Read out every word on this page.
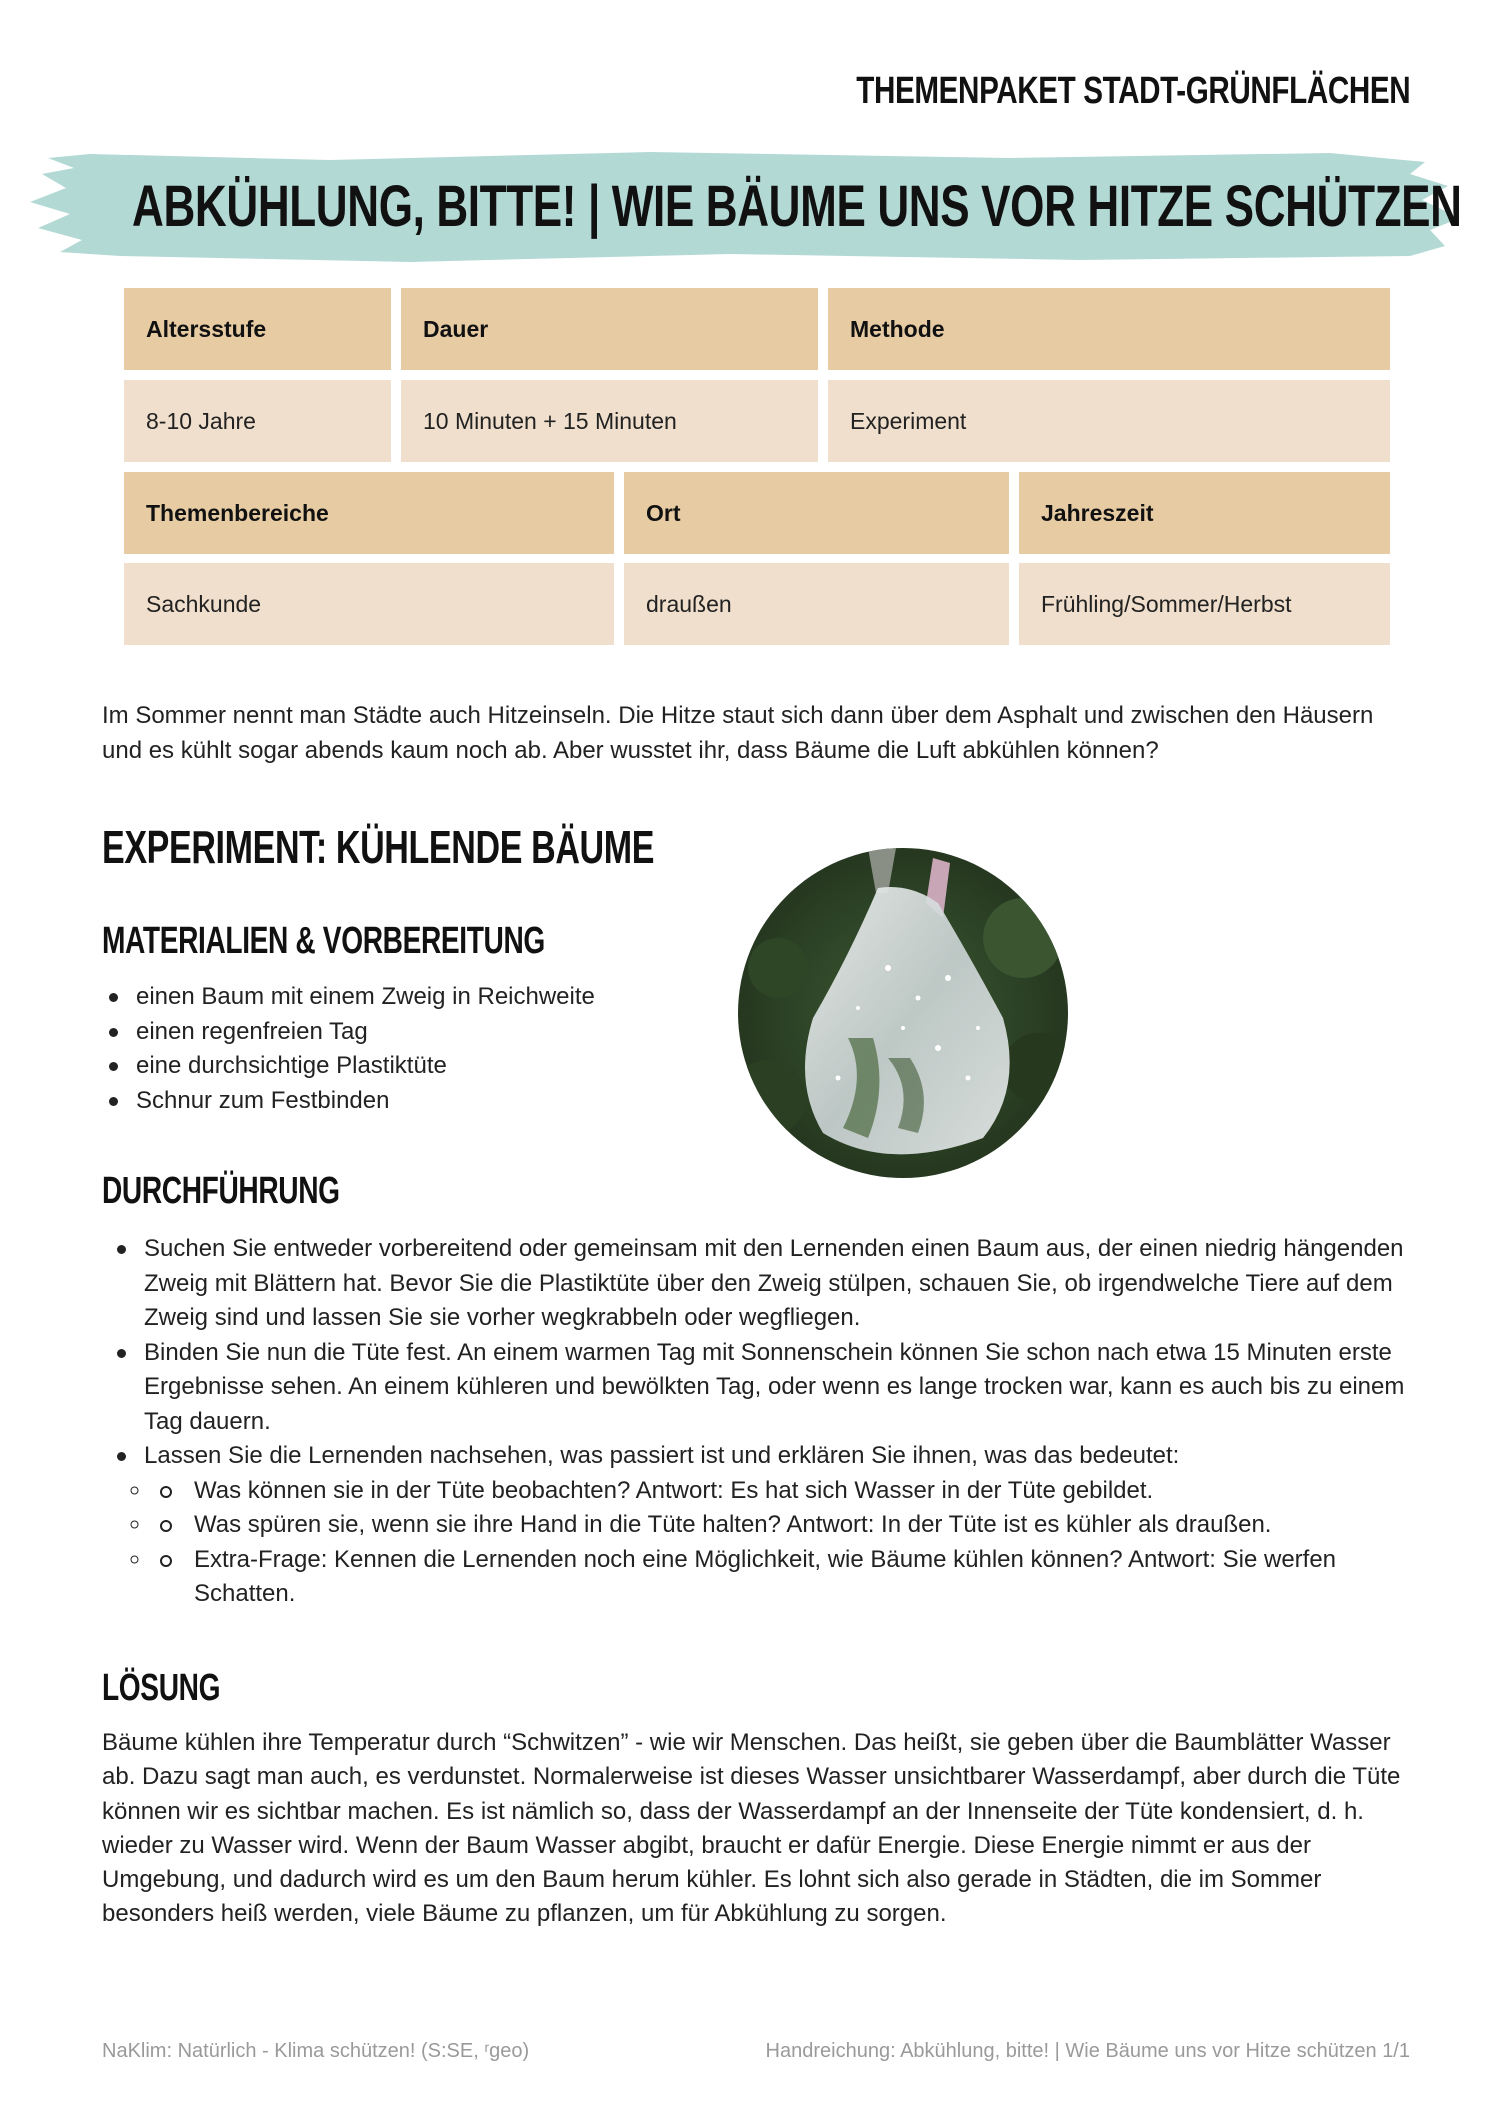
THEMENPAKET STADT-GRÜNFLÄCHEN
ABKÜHLUNG, BITTE! | WIE BÄUME UNS VOR HITZE SCHÜTZEN
Altersstufe	Dauer	Methode
8-10 Jahre	10 Minuten + 15 Minuten	Experiment
Themenbereiche	Ort	Jahreszeit
Sachkunde	draußen	Frühling/Sommer/Herbst

Im Sommer nennt man Städte auch Hitzeinseln. Die Hitze staut sich dann über dem Asphalt und zwischen den Häusern und es kühlt sogar abends kaum noch ab. Aber wusstet ihr, dass Bäume die Luft abkühlen können?

EXPERIMENT: KÜHLENDE BÄUME
MATERIALIEN & VORBEREITUNG
einen Baum mit einem Zweig in Reichweite
einen regenfreien Tag
eine durchsichtige Plastiktüte
Schnur zum Festbinden
DURCHFÜHRUNG
Suchen Sie entweder vorbereitend oder gemeinsam mit den Lernenden einen Baum aus, der einen niedrig hängenden Zweig mit Blättern hat. Bevor Sie die Plastiktüte über den Zweig stülpen, schauen Sie, ob irgendwelche Tiere auf dem Zweig sind und lassen Sie sie vorher wegkrabbeln oder wegfliegen.
Binden Sie nun die Tüte fest. An einem warmen Tag mit Sonnenschein können Sie schon nach etwa 15 Minuten erste Ergebnisse sehen. An einem kühleren und bewölkten Tag, oder wenn es lange trocken war, kann es auch bis zu einem Tag dauern.
Lassen Sie die Lernenden nachsehen, was passiert ist und erklären Sie ihnen, was das bedeutet:
◦ Was können sie in der Tüte beobachten? Antwort: Es hat sich Wasser in der Tüte gebildet.
◦ Was spüren sie, wenn sie ihre Hand in die Tüte halten? Antwort: In der Tüte ist es kühler als draußen.
◦ Extra-Frage: Kennen die Lernenden noch eine Möglichkeit, wie Bäume kühlen können? Antwort: Sie werfen Schatten.
LÖSUNG

Bäume kühlen ihre Temperatur durch “Schwitzen” - wie wir Menschen. Das heißt, sie geben über die Baumblätter Wasser ab. Dazu sagt man auch, es verdunstet. Normalerweise ist dieses Wasser unsichtbarer Wasserdampf, aber durch die Tüte können wir es sichtbar machen. Es ist nämlich so, dass der Wasserdampf an der Innenseite der Tüte kondensiert, d. h. wieder zu Wasser wird. Wenn der Baum Wasser abgibt, braucht er dafür Energie. Diese Energie nimmt er aus der Umgebung, und dadurch wird es um den Baum herum kühler. Es lohnt sich also gerade in Städten, die im Sommer besonders heiß werden, viele Bäume zu pflanzen, um für Abkühlung zu sorgen.

NaKlim: Natürlich - Klima schützen! (S:SE, ʳgeo)	Handreichung: Abkühlung, bitte! | Wie Bäume uns vor Hitze schützen 1/1
